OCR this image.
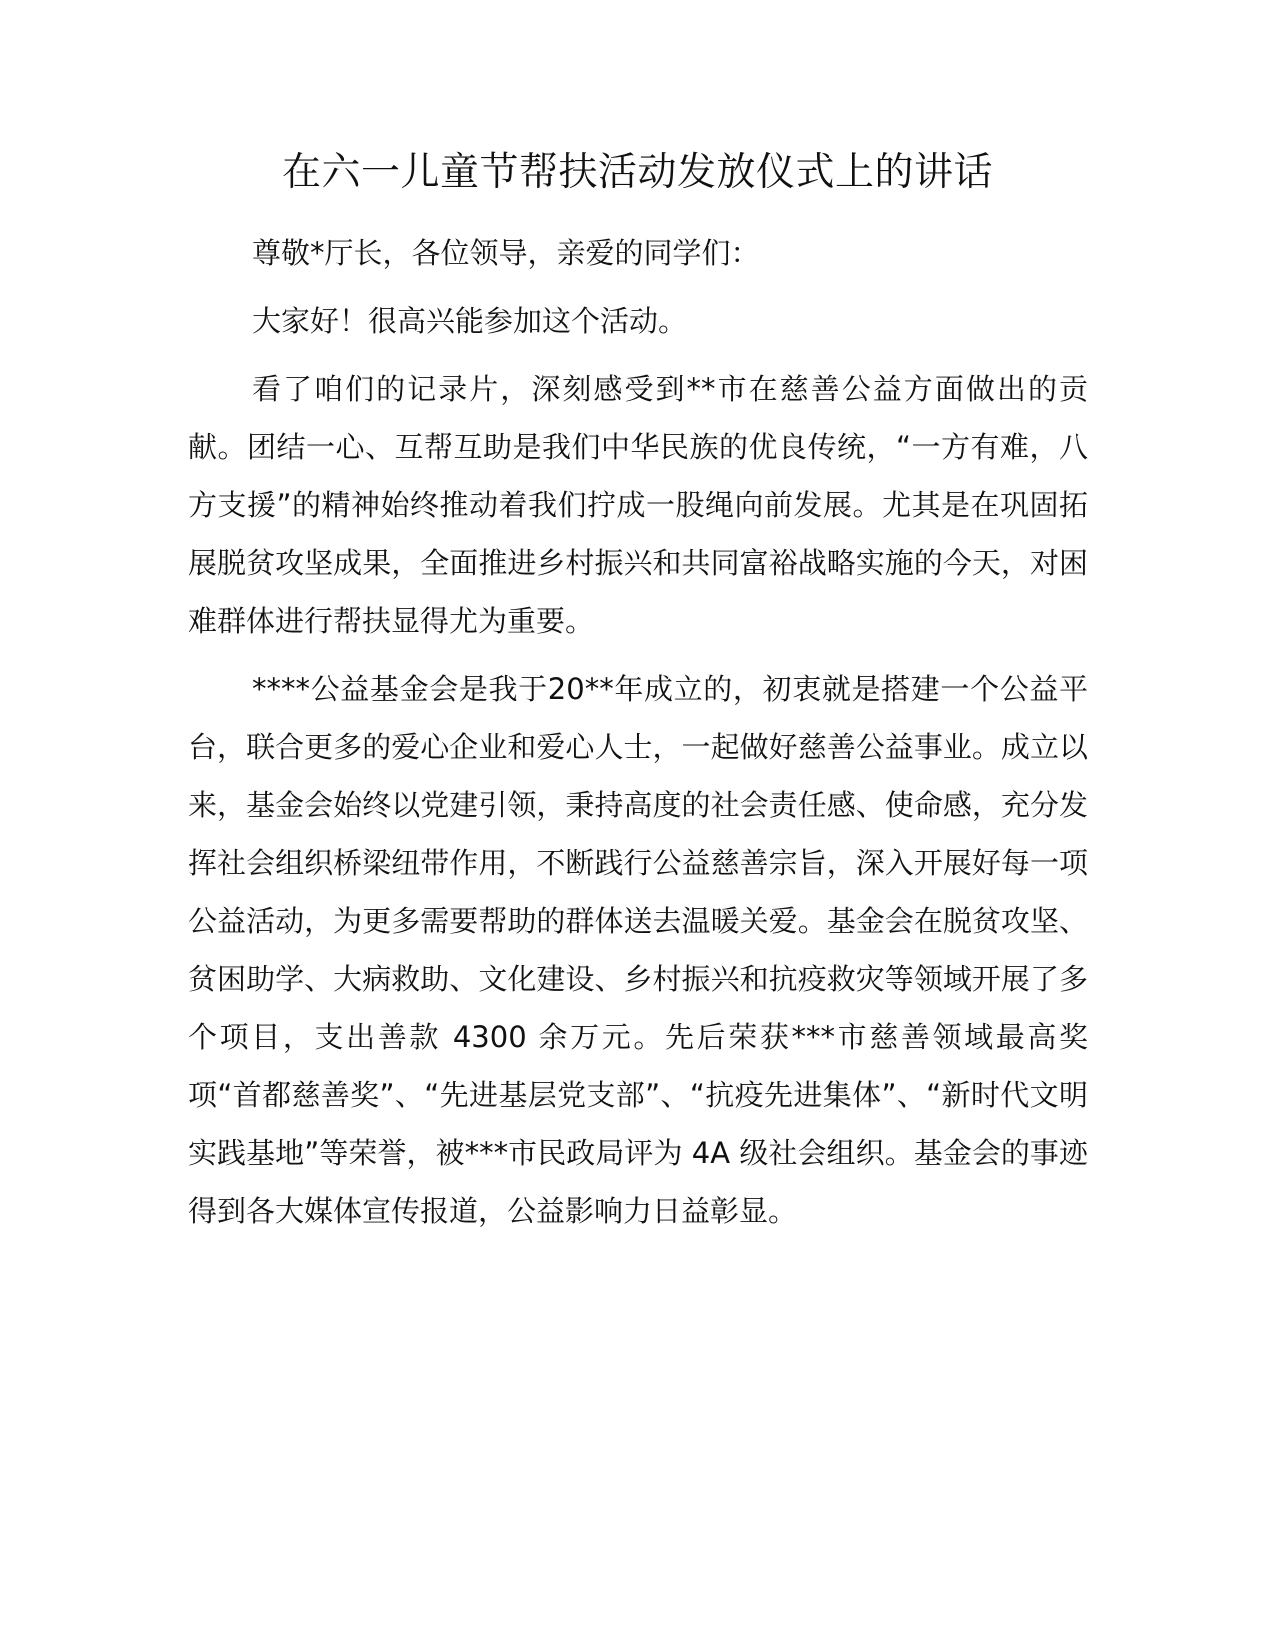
在六一儿童节帮扶活动发放仪式上的讲话

尊敬*厅长，各位领导，亲爱的同学们：

大家好！很高兴能参加这个活动。

看了咱们的记录片，深刻感受到**市在慈善公益方面做出的贡献。团结一心、互帮互助是我们中华民族的优良传统，“一方有难，八方支援”的精神始终推动着我们拧成一股绳向前发展。尤其是在巩固拓展脱贫攻坚成果，全面推进乡村振兴和共同富裕战略实施的今天，对困难群体进行帮扶显得尤为重要。

****公益基金会是我于20**年成立的，初衷就是搭建一个公益平台，联合更多的爱心企业和爱心人士，一起做好慈善公益事业。成立以来，基金会始终以党建引领，秉持高度的社会责任感、使命感，充分发挥社会组织桥梁纽带作用，不断践行公益慈善宗旨，深入开展好每一项公益活动，为更多需要帮助的群体送去温暖关爱。基金会在脱贫攻坚、贫困助学、大病救助、文化建设、乡村振兴和抗疫救灾等领域开展了多个项目，支出善款 4300 余万元。先后荣获***市慈善领域最高奖项“首都慈善奖”、“先进基层党支部”、“抗疫先进集体”、“新时代文明实践基地”等荣誉，被***市民政局评为 4A 级社会组织。基金会的事迹得到各大媒体宣传报道，公益影响力日益彰显。
